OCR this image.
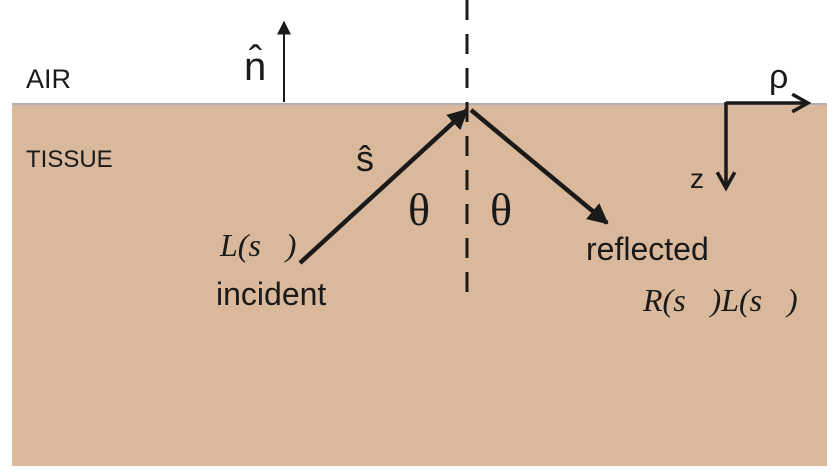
AIR
TISSUE
n̂
ŝ
θ θ
L(s⃗)
incident
reflected
R(s⃗)L(s⃗)
ρ
z
